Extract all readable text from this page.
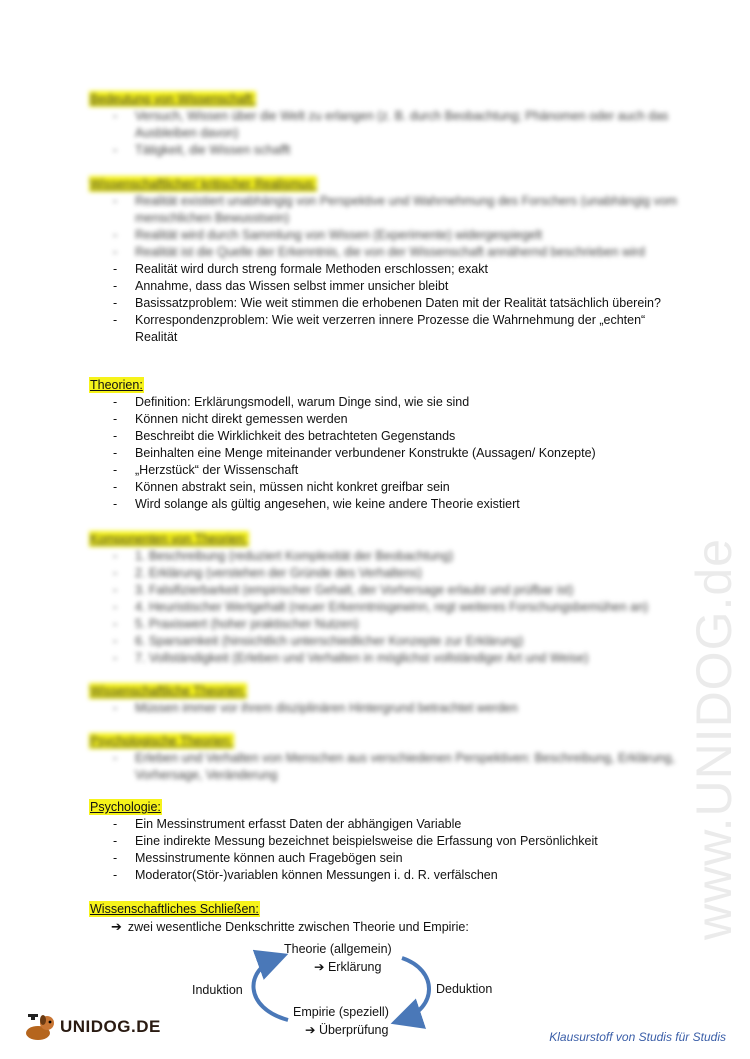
www.UNIDOG.de
Bedeutung von Wissenschaft:
- Versuch, Wissen über die Welt zu erlangen (z. B. durch Beobachtung; Phänomen oder auch das Ausbleiben davon)
- Tätigkeit, die Wissen schafft
Wissenschaftlicher/ kritischer Realismus:
- Realität existiert unabhängig von Perspektive und Wahrnehmung des Forschers (unabhängig vom menschlichen Bewusstsein)
- Realität wird durch Sammlung von Wissen (Experimente) widergespiegelt
- Realität ist die Quelle der Erkenntnis, die von der Wissenschaft annähernd beschrieben wird
- Realität wird durch streng formale Methoden erschlossen; exakt
- Annahme, dass das Wissen selbst immer unsicher bleibt
- Basissatzproblem: Wie weit stimmen die erhobenen Daten mit der Realität tatsächlich überein?
- Korrespondenzproblem: Wie weit verzerren innere Prozesse die Wahrnehmung der „echten“ Realität
Theorien:
- Definition: Erklärungsmodell, warum Dinge sind, wie sie sind
- Können nicht direkt gemessen werden
- Beschreibt die Wirklichkeit des betrachteten Gegenstands
- Beinhalten eine Menge miteinander verbundener Konstrukte (Aussagen/ Konzepte)
- „Herzstück“ der Wissenschaft
- Können abstrakt sein, müssen nicht konkret greifbar sein
- Wird solange als gültig angesehen, wie keine andere Theorie existiert
Komponenten von Theorien:
- 1. Beschreibung (reduziert Komplexität der Beobachtung)
- 2. Erklärung (verstehen der Gründe des Verhaltens)
- 3. Falsifizierbarkeit (empirischer Gehalt, der Vorhersage erlaubt und prüfbar ist)
- 4. Heuristischer Wertgehalt (neuer Erkenntnisgewinn, regt weiteres Forschungsbemühen an)
- 5. Praxiswert (hoher praktischer Nutzen)
- 6. Sparsamkeit (hinsichtlich unterschiedlicher Konzepte zur Erklärung)
- 7. Vollständigkeit (Erleben und Verhalten in möglichst vollständiger Art und Weise)
Wissenschaftliche Theorien:
- Müssen immer vor ihrem disziplinären Hintergrund betrachtet werden
Psychologische Theorien:
- Erleben und Verhalten von Menschen aus verschiedenen Perspektiven: Beschreibung, Erklärung, Vorhersage, Veränderung
Psychologie:
- Ein Messinstrument erfasst Daten der abhängigen Variable
- Eine indirekte Messung bezeichnet beispielsweise die Erfassung von Persönlichkeit
- Messinstrumente können auch Fragebögen sein
- Moderator(Stör-)variablen können Messungen i. d. R. verfälschen
Wissenschaftliches Schließen:
➔ zwei wesentliche Denkschritte zwischen Theorie und Empirie:
Theorie (allgemein)
➔ Erklärung
Induktion	Deduktion
Empirie (speziell)
➔ Überprüfung
UNIDOG.DE
Klausurstoff von Studis für Studis
